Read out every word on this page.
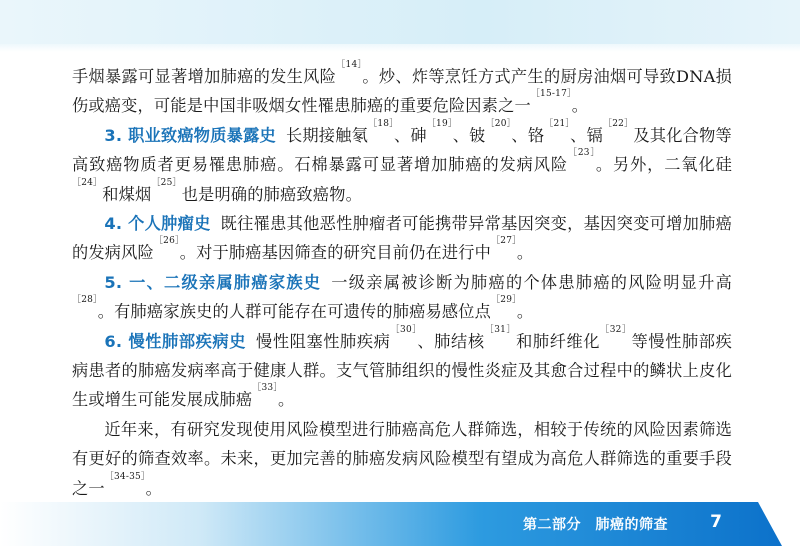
手烟暴露可显著增加肺癌的发生风险$^{[14]}$。炒、炸等烹饪方式产生的厨房油烟可导致DNA损伤或癌变，可能是中国非吸烟女性罹患肺癌的重要危险因素之一$^{[15-17]}$。

3. 职业致癌物质暴露史 长期接触氡$^{[18]}$、砷$^{[19]}$、铍$^{[20]}$、铬$^{[21]}$、镉$^{[22]}$及其化合物等高致癌物质者更易罹患肺癌。石棉暴露可显著增加肺癌的发病风险$^{[23]}$。另外，二氧化硅$^{[24]}$和煤烟$^{[25]}$也是明确的肺癌致癌物。

4. 个人肿瘤史 既往罹患其他恶性肿瘤者可能携带异常基因突变，基因突变可增加肺癌的发病风险$^{[26]}$。对于肺癌基因筛查的研究目前仍在进行中$^{[27]}$。

5. 一、二级亲属肺癌家族史 一级亲属被诊断为肺癌的个体患肺癌的风险明显升高$^{[28]}$。有肺癌家族史的人群可能存在可遗传的肺癌易感位点$^{[29]}$。

6. 慢性肺部疾病史 慢性阻塞性肺疾病$^{[30]}$、肺结核$^{[31]}$和肺纤维化$^{[32]}$等慢性肺部疾病患者的肺癌发病率高于健康人群。支气管肺组织的慢性炎症及其愈合过程中的鳞状上皮化生或增生可能发展成肺癌$^{[33]}$。

近年来，有研究发现使用风险模型进行肺癌高危人群筛选，相较于传统的风险因素筛选有更好的筛查效率。未来，更加完善的肺癌发病风险模型有望成为高危人群筛选的重要手段之一$^{[34-35]}$。

第二部分　肺癌的筛查 7
